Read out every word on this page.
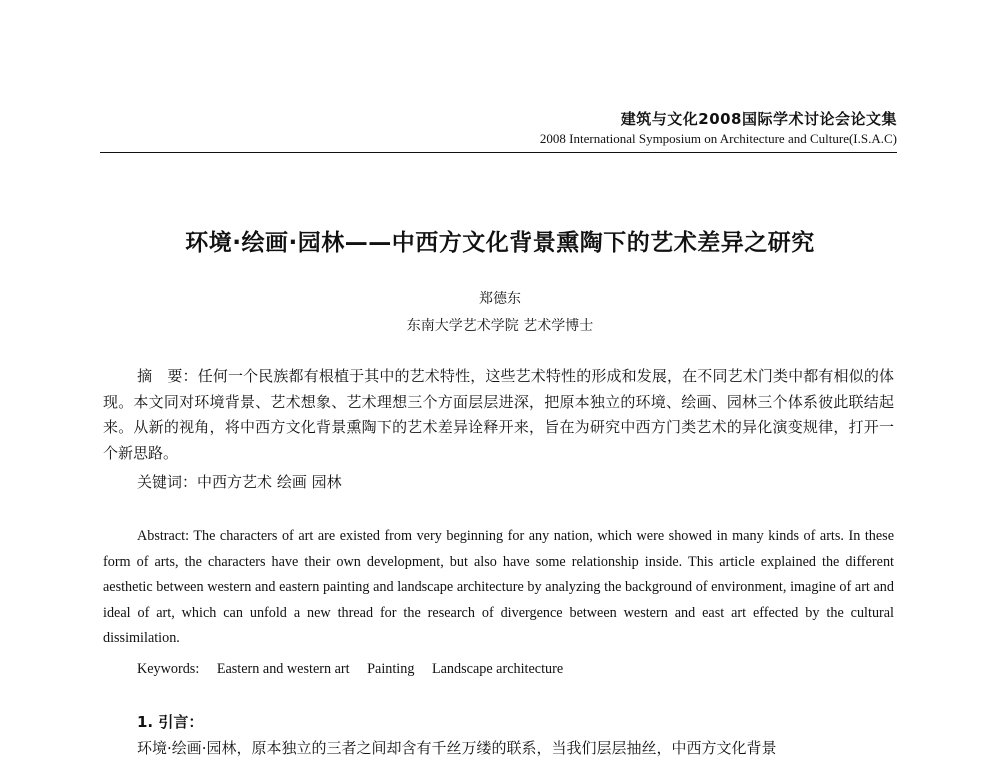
建筑与文化2008国际学术讨论会论文集
2008 International Symposium on Architecture and Culture(I.S.A.C)
环境·绘画·园林——中西方文化背景熏陶下的艺术差异之研究
郑德东
东南大学艺术学院 艺术学博士
摘　要：任何一个民族都有根植于其中的艺术特性，这些艺术特性的形成和发展，在不同艺术门类中都有相似的体现。本文同对环境背景、艺术想象、艺术理想三个方面层层进深，把原本独立的环境、绘画、园林三个体系彼此联结起来。从新的视角，将中西方文化背景熏陶下的艺术差异诠释开来，旨在为研究中西方门类艺术的异化演变规律，打开一个新思路。
关键词：中西方艺术 绘画 园林
Abstract: The characters of art are existed from very beginning for any nation, which were showed in many kinds of arts. In these form of arts, the characters have their own development, but also have some relationship inside. This article explained the different aesthetic between western and eastern painting and landscape architecture by analyzing the background of environment, imagine of art and ideal of art, which can unfold a new thread for the research of divergence between western and east art effected by the cultural dissimilation.
Keywords: Eastern and western art Painting Landscape architecture
1. 引言：
环境·绘画·园林，原本独立的三者之间却含有千丝万缕的联系，当我们层层抽丝，中西方文化背景
